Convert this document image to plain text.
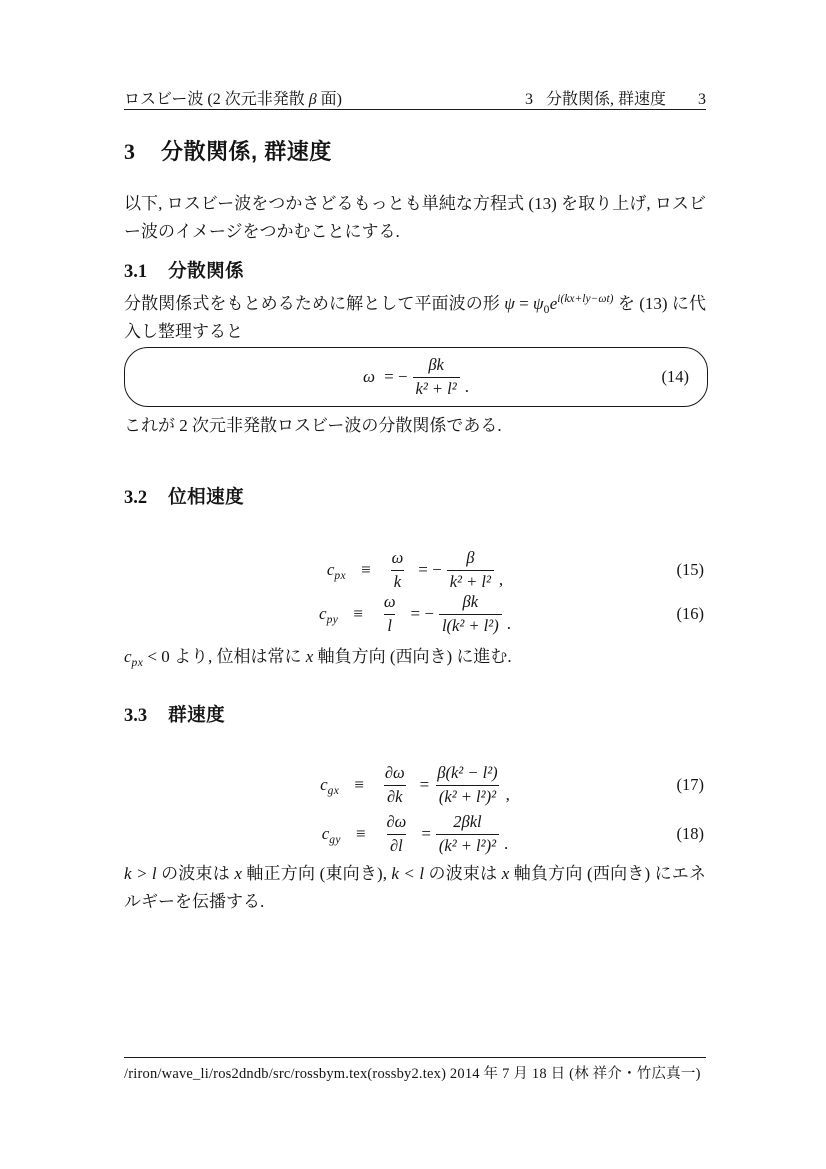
ロスビー波 (2 次元非発散 β 面)	3 分散関係, 群速度 3
3 分散関係, 群速度

以下, ロスビー波をつかさどるもっとも単純な方程式 (13) を取り上げ, ロスビー波のイメージをつかむことにする.

3.1 分散関係

分散関係式をもとめるために解として平面波の形 $\psi = \psi_0e^{i(kx+ly-\omega t)}$ を (13) に代入し整理すると

ω = − $\frac{\beta k}{\text{k² + l²}}$ .
(14)

これが 2 次元非発散ロスビー波の分散関係である.

3.2 位相速度
$c_{px} \equiv \frac{\omega}{k}$ = − $\frac{\beta}{\text{k² + l²}}$ ,
(15)
$c_{py} \equiv \frac{\omega}{l}$ = − $\frac{\beta k}{\text{l(k² + l²)}}$ .
(16)

$c_{px} < 0$ より, 位相は常に x 軸負方向 (西向き) に進む.

3.3 群速度
$c_{gx} \equiv \frac{\partial\omega}{\partial k} = \frac{\text{β(k² − l²)}}{\text{(k² + l²)²}}$ ,
(17)
$c_{gy} \equiv \frac{\partial\omega}{\partial l} = \frac{\text{2βkl}}{\text{(k² + l²)²}}$ .
(18)

k > l の波束は x 軸正方向 (東向き), k < l の波束は x 軸負方向 (西向き) にエネルギーを伝播する.

/riron/wave_li/ros2dndb/src/rossbym.tex(rossby2.tex) 2014 年 7 月 18 日 (林 祥介・竹広真一)
